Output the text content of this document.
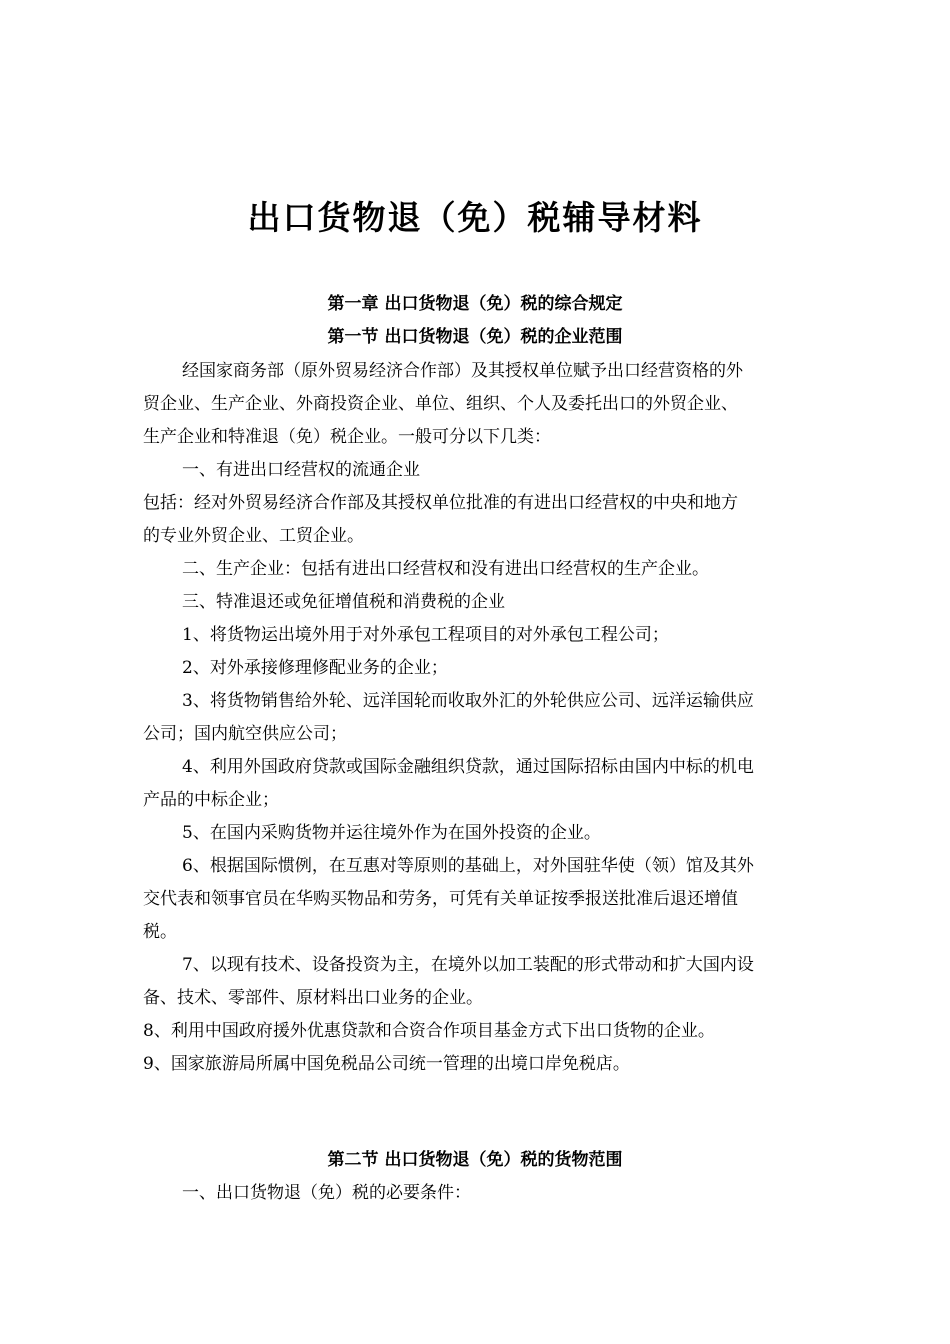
出口货物退（免）税辅导材料
第一章 出口货物退（免）税的综合规定
第一节 出口货物退（免）税的企业范围
经国家商务部（原外贸易经济合作部）及其授权单位赋予出口经营资格的外
贸企业、生产企业、外商投资企业、单位、组织、个人及委托出口的外贸企业、
生产企业和特准退（免）税企业。一般可分以下几类：
一、有进出口经营权的流通企业
包括：经对外贸易经济合作部及其授权单位批准的有进出口经营权的中央和地方
的专业外贸企业、工贸企业。
二、生产企业：包括有进出口经营权和没有进出口经营权的生产企业。
三、特准退还或免征增值税和消费税的企业
1、将货物运出境外用于对外承包工程项目的对外承包工程公司；
2、对外承接修理修配业务的企业；
3、将货物销售给外轮、远洋国轮而收取外汇的外轮供应公司、远洋运输供应
公司；国内航空供应公司；
4、利用外国政府贷款或国际金融组织贷款，通过国际招标由国内中标的机电
产品的中标企业；
5、在国内采购货物并运往境外作为在国外投资的企业。
6、根据国际惯例，在互惠对等原则的基础上，对外国驻华使（领）馆及其外
交代表和领事官员在华购买物品和劳务，可凭有关单证按季报送批准后退还增值
税。
7、以现有技术、设备投资为主，在境外以加工装配的形式带动和扩大国内设
备、技术、零部件、原材料出口业务的企业。
8、利用中国政府援外优惠贷款和合资合作项目基金方式下出口货物的企业。
9、国家旅游局所属中国免税品公司统一管理的出境口岸免税店。
第二节 出口货物退（免）税的货物范围
一、出口货物退（免）税的必要条件：
